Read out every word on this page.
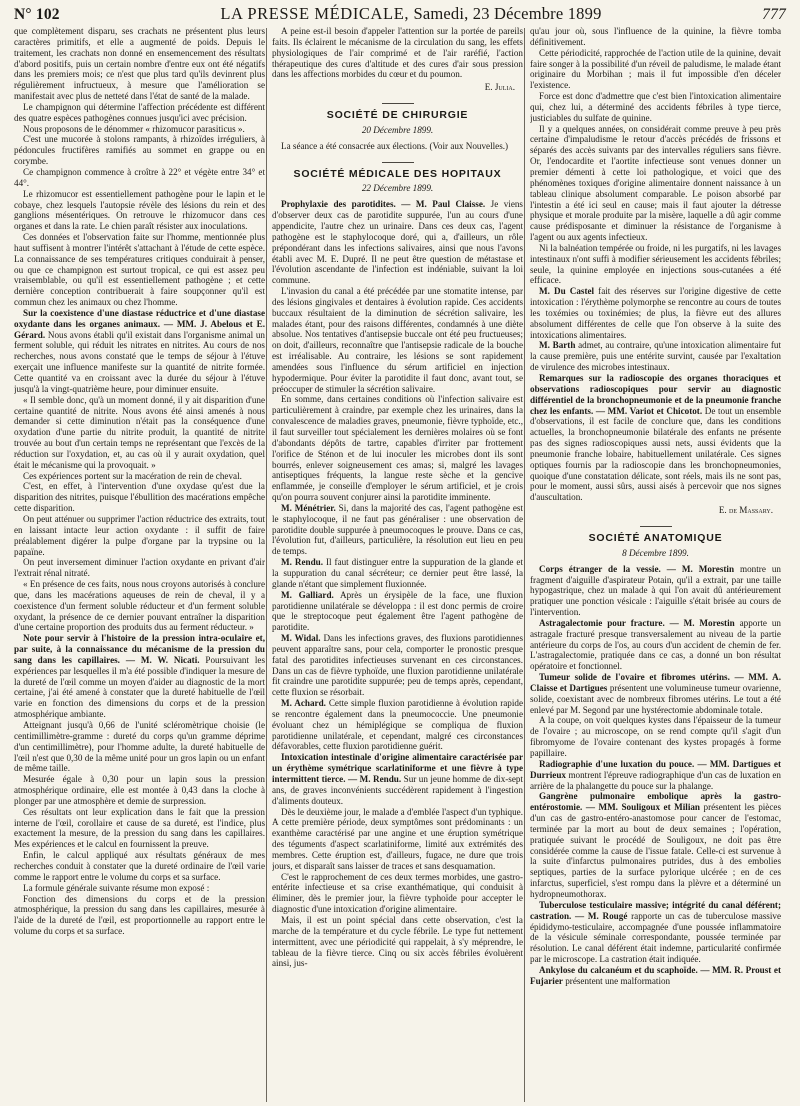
N° 102	LA PRESSE MÉDICALE, Samedi, 23 Décembre 1899	777

que complètement disparu, ses crachats ne présentent plus leurs caractères primitifs, et elle a augmenté de poids. Depuis le traitement, les crachats non donné en ensemencement des résultats d'abord positifs, puis un certain nombre d'entre eux ont été négatifs dans les premiers mois; ce n'est que plus tard qu'ils devinrent plus régulièrement infructueux, à mesure que l'amélioration se manifestait avec plus de netteté dans l'état de santé de la malade.

Le champignon qui détermine l'affection précédente est différent des quatre espèces pathogènes connues jusqu'ici avec précision.

Nous proposons de le dénommer « rhizomucor parasiticus ».

C'est une mucorée à stolons rampants, à rhizoïdes irréguliers, à pédoncules fructifères ramifiés au sommet en grappe ou en corymbe.

Ce champignon commence à croître à 22° et végète entre 34° et 44°.

Le rhizomucor est essentiellement pathogène pour le lapin et le cobaye, chez lesquels l'autopsie révèle des lésions du rein et des ganglions mésentériques. On retrouve le rhizomucor dans ces organes et dans la rate. Le chien paraît résister aux inoculations.

Ces données et l'observation faite sur l'homme, mentionnée plus haut suffisent à montrer l'intérêt s'attachant à l'étude de cette espèce. La connaissance de ses températures critiques conduirait à penser, ou que ce champignon est surtout tropical, ce qui est assez peu vraisemblable, ou qu'il est essentiellement pathogène ; et cette dernière conception contribuerait à faire soupçonner qu'il est commun chez les animaux ou chez l'homme.

Sur la coexistence d'une diastase réductrice et d'une diastase oxydante dans les organes animaux. — MM. J. Abelous et E. Gérard. Nous avons établi qu'il existait dans l'organisme animal un ferment soluble, qui réduit les nitrates en nitrites. Au cours de nos recherches, nous avons constaté que le temps de séjour à l'étuve exerçait une influence manifeste sur la quantité de nitrite formée. Cette quantité va en croissant avec la durée du séjour à l'étuve jusqu'à la vingt-quatrième heure, pour diminuer ensuite.

« Il semble donc, qu'à un moment donné, il y ait disparition d'une certaine quantité de nitrite. Nous avons été ainsi amenés à nous demander si cette diminution n'était pas la conséquence d'une oxydation d'une partie du nitrite produit, la quantité de nitrite trouvée au bout d'un certain temps ne représentant que l'excès de la réduction sur l'oxydation, et, au cas où il y aurait oxydation, quel était le mécanisme qui la provoquait. »

Ces expériences portent sur la macération de rein de cheval.

C'est, en effet, à l'intervention d'une oxydase qu'est due la disparition des nitrites, puisque l'ébullition des macérations empêche cette disparition.

On peut atténuer ou supprimer l'action réductrice des extraits, tout en laissant intacte leur action oxydante : il suffit de faire préalablement digérer la pulpe d'organe par la trypsine ou la papaïne.

On peut inversement diminuer l'action oxydante en privant d'air l'extrait rénal nitraté.

« En présence de ces faits, nous nous croyons autorisés à conclure que, dans les macérations aqueuses de rein de cheval, il y a coexistence d'un ferment soluble réducteur et d'un ferment soluble oxydant, la présence de ce dernier pouvant entraîner la disparition d'une certaine proportion des produits dus au ferment réducteur. »

Note pour servir à l'histoire de la pression intra-oculaire et, par suite, à la connaissance du mécanisme de la pression du sang dans les capillaires. — M. W. Nicati. Poursuivant les expériences par lesquelles il m'a été possible d'indiquer la mesure de la dureté de l'œil comme un moyen d'aider au diagnostic de la mort certaine, j'ai été amené à constater que la dureté habituelle de l'œil varie en fonction des dimensions du corps et de la pression atmosphérique ambiante.

Atteignant jusqu'à 0,66 de l'unité scléromètrique choisie (le centimillimètre-gramme : dureté du corps qu'un gramme déprime d'un centimillimètre), pour l'homme adulte, la dureté habituelle de l'œil n'est que 0,30 de la même unité pour un gros lapin ou un enfant de même taille.

Mesurée égale à 0,30 pour un lapin sous la pression atmosphérique ordinaire, elle est montée à 0,43 dans la cloche à plonger par une atmosphère et demie de surpression.

Ces résultats ont leur explication dans le fait que la pression interne de l'œil, corollaire et cause de sa dureté, est l'indice, plus exactement la mesure, de la pression du sang dans les capillaires. Mes expériences et le calcul en fournissent la preuve.

Enfin, le calcul appliqué aux résultats généraux de mes recherches conduit à constater que la dureté ordinaire de l'œil varie comme le rapport entre le volume du corps et sa surface.

La formule générale suivante résume mon exposé :

Fonction des dimensions du corps et de la pression atmosphérique, la pression du sang dans les capillaires, mesurée à l'aide de la dureté de l'œil, est proportionnelle au rapport entre le volume du corps et sa surface.

A peine est-il besoin d'appeler l'attention sur la portée de pareils faits. Ils éclairent le mécanisme de la circulation du sang, les effets physiologiques de l'air comprimé et de l'air raréfié, l'action thérapeutique des cures d'altitude et des cures d'air sous pression dans les affections morbides du cœur et du poumon.

E. Julia.

SOCIÉTÉ DE CHIRURGIE

20 Décembre 1899.

La séance a été consacrée aux élections. (Voir aux Nouvelles.)

SOCIÉTÉ MÉDICALE DES HOPITAUX

22 Décembre 1899.

Prophylaxie des parotidites. — M. Paul Claisse. Je viens d'observer deux cas de parotidite suppurée, l'un au cours d'une appendicite, l'autre chez un urinaire. Dans ces deux cas, l'agent pathogène est le staphylocoque doré, qui a, d'ailleurs, un rôle prépondérant dans les infections salivaires, ainsi que nous l'avons établi avec M. E. Dupré. Il ne peut être question de métastase et l'évolution ascendante de l'infection est indéniable, suivant la loi commune.

L'invasion du canal a été précédée par une stomatite intense, par des lésions gingivales et dentaires à évolution rapide. Ces accidents buccaux résultaient de la diminution de sécrétion salivaire, les malades étant, pour des raisons différentes, condamnés à une diète absolue. Nos tentatives d'antisepsie buccale ont été peu fructueuses; on doit, d'ailleurs, reconnaître que l'antisepsie radicale de la bouche est irréalisable. Au contraire, les lésions se sont rapidement amendées sous l'influence du sérum artificiel en injection hypodermique. Pour éviter la parotidite il faut donc, avant tout, se préoccuper de stimuler la sécrétion salivaire.

En somme, dans certaines conditions où l'infection salivaire est particulièrement à craindre, par exemple chez les urinaires, dans la convalescence de maladies graves, pneumonie, fièvre typhoïde, etc., il faut surveiller tout spécialement les dernières molaires où se font d'abondants dépôts de tartre, capables d'irriter par frottement l'orifice de Sténon et de lui inoculer les microbes dont ils sont bourrés, enlever soigneusement ces amas; si, malgré les lavages antiseptiques fréquents, la langue reste sèche et la gencive enflammée, je conseille d'employer le sérum artificiel, et je crois qu'on pourra souvent conjurer ainsi la parotidite imminente.

M. Ménétrier. Si, dans la majorité des cas, l'agent pathogène est le staphylocoque, il ne faut pas généraliser : une observation de parotidite double suppurée à pneumocoques le prouve. Dans ce cas, l'évolution fut, d'ailleurs, particulière, la résolution eut lieu en peu de temps.

M. Rendu. Il faut distinguer entre la suppuration de la glande et la suppuration du canal sécréteur; ce dernier peut être lassé, la glande n'étant que simplement fluxionnée.

M. Galliard. Après un érysipèle de la face, une fluxion parotidienne unilatérale se développa : il est donc permis de croire que le streptocoque peut également être l'agent pathogène de parotidite.

M. Widal. Dans les infections graves, des fluxions parotidiennes peuvent apparaître sans, pour cela, comporter le pronostic presque fatal des parotidites infectieuses survenant en ces circonstances. Dans un cas de fièvre typhoïde, une fluxion parotidienne unilatérale fit craindre une parotidite suppurée; peu de temps après, cependant, cette fluxion se résorbait.

M. Achard. Cette simple fluxion parotidienne à évolution rapide se rencontre également dans la pneumococcie. Une pneumonie évoluant chez un hémiplégique se compliqua de fluxion parotidienne unilatérale, et cependant, malgré ces circonstances défavorables, cette fluxion parotidienne guérit.

Intoxication intestinale d'origine alimentaire caractérisée par un érythème symétrique scarlatiniforme et une fièvre à type intermittent tierce. — M. Rendu. Sur un jeune homme de dix-sept ans, de graves inconvénients succédèrent rapidement à l'ingestion d'aliments douteux.

Dès le deuxième jour, le malade a d'emblée l'aspect d'un typhique. A cette première période, deux symptômes sont prédominants : un exanthème caractérisé par une angine et une éruption symétrique des téguments d'aspect scarlatiniforme, limité aux extrémités des membres. Cette éruption est, d'ailleurs, fugace, ne dure que trois jours, et disparaît sans laisser de traces et sans desquamation.

C'est le rapprochement de ces deux termes morbides, une gastro-entérite infectieuse et sa crise exanthématique, qui conduisit à éliminer, dès le premier jour, la fièvre typhoïde pour accepter le diagnostic d'une intoxication d'origine alimentaire.

Mais, il est un point spécial dans cette observation, c'est la marche de la température et du cycle fébrile. Le type fut nettement intermittent, avec une périodicité qui rappelait, à s'y méprendre, le tableau de la fièvre tierce. Cinq ou six accès fébriles évoluèrent ainsi, jus-

qu'au jour où, sous l'influence de la quinine, la fièvre tomba définitivement.

Cette périodicité, rapprochée de l'action utile de la quinine, devait faire songer à la possibilité d'un réveil de paludisme, le malade étant originaire du Morbihan ; mais il fut impossible d'en déceler l'existence.

Force est donc d'admettre que c'est bien l'intoxication alimentaire qui, chez lui, a déterminé des accidents fébriles à type tierce, justiciables du sulfate de quinine.

Il y a quelques années, on considérait comme preuve à peu près certaine d'impaludisme le retour d'accès précédés de frissons et séparés des accès suivants par des intervalles réguliers sans fièvre. Or, l'endocardite et l'aortite infectieuse sont venues donner un premier démenti à cette loi pathologique, et voici que des phénomènes toxiques d'origine alimentaire donnent naissance à un tableau clinique absolument comparable. Le poison absorbé par l'intestin a été ici seul en cause; mais il faut ajouter la détresse physique et morale produite par la misère, laquelle a dû agir comme cause prédisposante et diminuer la résistance de l'organisme à l'agent ou aux agents infectieux.

Ni la balnéation tempérée ou froide, ni les purgatifs, ni les lavages intestinaux n'ont suffi à modifier sérieusement les accidents fébriles; seule, la quinine employée en injections sous-cutanées a été efficace.

M. Du Castel fait des réserves sur l'origine digestive de cette intoxication : l'érythème polymorphe se rencontre au cours de toutes les toxémies ou toxinémies; de plus, la fièvre eut des allures absolument différentes de celle que l'on observe à la suite des intoxications alimentaires.

M. Barth admet, au contraire, qu'une intoxication alimentaire fut la cause première, puis une entérite survint, causée par l'exaltation de virulence des microbes intestinaux.

Remarques sur la radioscopie des organes thoraciques et observations radioscopiques pour servir au diagnostic différentiel de la bronchopneumonie et de la pneumonie franche chez les enfants. — MM. Variot et Chicotot. De tout un ensemble d'observations, il est facile de conclure que, dans les conditions actuelles, la bronchopneumonie bilatérale des enfants ne présente pas des signes radioscopiques aussi nets, aussi évidents que la pneumonie franche lobaire, habituellement unilatérale. Ces signes optiques fournis par la radioscopie dans les bronchopneumonies, quoique d'une constatation délicate, sont réels, mais ils ne sont pas, pour le moment, aussi sûrs, aussi aisés à percevoir que nos signes d'auscultation.

E. de Massary.

SOCIÉTÉ ANATOMIQUE

8 Décembre 1899.

Corps étranger de la vessie. — M. Morestin montre un fragment d'aiguille d'aspirateur Potain, qu'il a extrait, par une taille hypogastrique, chez un malade à qui l'on avait dû antérieurement pratiquer une ponction vésicale : l'aiguille s'était brisée au cours de l'intervention.

Astragalectomie pour fracture. — M. Morestin apporte un astragale fracturé presque transversalement au niveau de la partie antérieure du corps de l'os, au cours d'un accident de chemin de fer. L'astragalectomie, pratiquée dans ce cas, a donné un bon résultat opératoire et fonctionnel.

Tumeur solide de l'ovaire et fibromes utérins. — MM. A. Claisse et Dartigues présentent une volumineuse tumeur ovarienne, solide, coexistant avec de nombreux fibromes utérins. Le tout a été enlevé par M. Segond par une hystérectomie abdominale totale.

A la coupe, on voit quelques kystes dans l'épaisseur de la tumeur de l'ovaire ; au microscope, on se rend compte qu'il s'agit d'un fibromyome de l'ovaire contenant des kystes propagés à forme papillaire.

Radiographie d'une luxation du pouce. — MM. Dartigues et Durrieux montrent l'épreuve radiographique d'un cas de luxation en arrière de la phalangette du pouce sur la phalange.

Gangrène pulmonaire embolique après la gastro-entérostomie. — MM. Souligoux et Milian présentent les pièces d'un cas de gastro-entéro-anastomose pour cancer de l'estomac, terminée par la mort au bout de deux semaines ; l'opération, pratiquée suivant le procédé de Souligoux, ne doit pas être considérée comme la cause de l'issue fatale. Celle-ci est survenue à la suite d'infarctus pulmonaires putrides, dus à des embolies septiques, parties de la surface pylorique ulcérée ; en de ces infarctus, superficiel, s'est rompu dans la plèvre et a déterminé un hydropneumothorax.

Tuberculose testiculaire massive; intégrité du canal déférent; castration. — M. Rougé rapporte un cas de tuberculose massive épididymo-testiculaire, accompagnée d'une poussée inflammatoire de la vésicule séminale correspondante, poussée terminée par résolution. Le canal déférent était indemne, particularité confirmée par le microscope. La castration était indiquée.

Ankylose du calcanéum et du scaphoïde. — MM. R. Proust et Fujarier présentent une malformation
